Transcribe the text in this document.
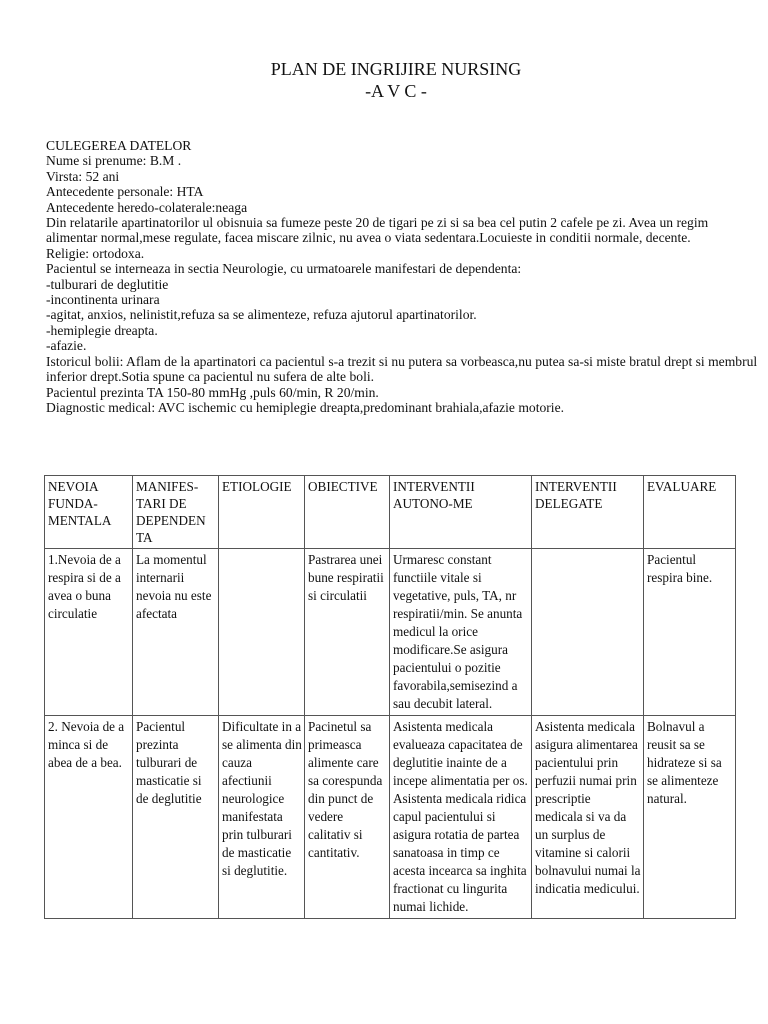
PLAN DE INGRIJIRE NURSING
-A V C -
CULEGEREA DATELOR
Nume si prenume: B.M .
Virsta: 52 ani
Antecedente personale: HTA
Antecedente heredo-colaterale:neaga
Din relatarile apartinatorilor ul obisnuia sa fumeze peste 20 de tigari pe zi si sa bea cel putin 2 cafele pe zi. Avea un regim alimentar normal,mese regulate, facea miscare zilnic, nu avea o viata sedentara.Locuieste in conditii normale, decente.
Religie: ortodoxa.
Pacientul se interneaza in sectia Neurologie, cu urmatoarele manifestari de dependenta:
-tulburari de deglutitie
-incontinenta urinara
-agitat, anxios, nelinistit,refuza sa se alimenteze, refuza ajutorul apartinatorilor.
-hemiplegie dreapta.
-afazie.
Istoricul bolii: Aflam de la apartinatori ca pacientul s-a trezit si nu putera sa vorbeasca,nu putea sa-si miste bratul drept si membrul inferior drept.Sotia spune ca pacientul nu sufera de alte boli.
Pacientul prezinta TA 150-80 mmHg ,puls 60/min, R 20/min.
Diagnostic medical: AVC ischemic cu hemiplegie dreapta,predominant brahiala,afazie motorie.
NEVOIA FUNDA-MENTALA	MANIFES-TARI DE DEPENDEN TA	ETIOLOGIE	OBIECTIVE	INTERVENTII AUTONO-ME	INTERVENTII DELEGATE	EVALUARE
1.Nevoia de a respira si de a avea o buna circulatie	La momentul internarii nevoia nu este afectata		Pastrarea unei bune respiratii si circulatii	Urmaresc constant functiile vitale si vegetative, puls, TA, nr respiratii/min. Se anunta medicul la orice modificare.Se asigura pacientului o pozitie favorabila,semisezind a sau decubit lateral.		Pacientul respira bine.
2. Nevoia de a minca si de abea de a bea.	Pacientul prezinta tulburari de masticatie si de deglutitie	Dificultate in a se alimenta din cauza afectiunii neurologice manifestata prin tulburari de masticatie si deglutitie.	Pacinetul sa primeasca alimente care sa corespunda din punct de vedere calitativ si cantitativ.	Asistenta medicala evalueaza capacitatea de deglutitie inainte de a incepe alimentatia per os. Asistenta medicala ridica capul pacientului si asigura rotatia de partea sanatoasa in timp ce acesta incearca sa inghita fractionat cu lingurita numai lichide.	Asistenta medicala asigura alimentarea pacientului prin perfuzii numai prin prescriptie medicala si va da un surplus de vitamine si calorii bolnavului numai la indicatia medicului.	Bolnavul a reusit sa se hidrateze si sa se alimenteze natural.
